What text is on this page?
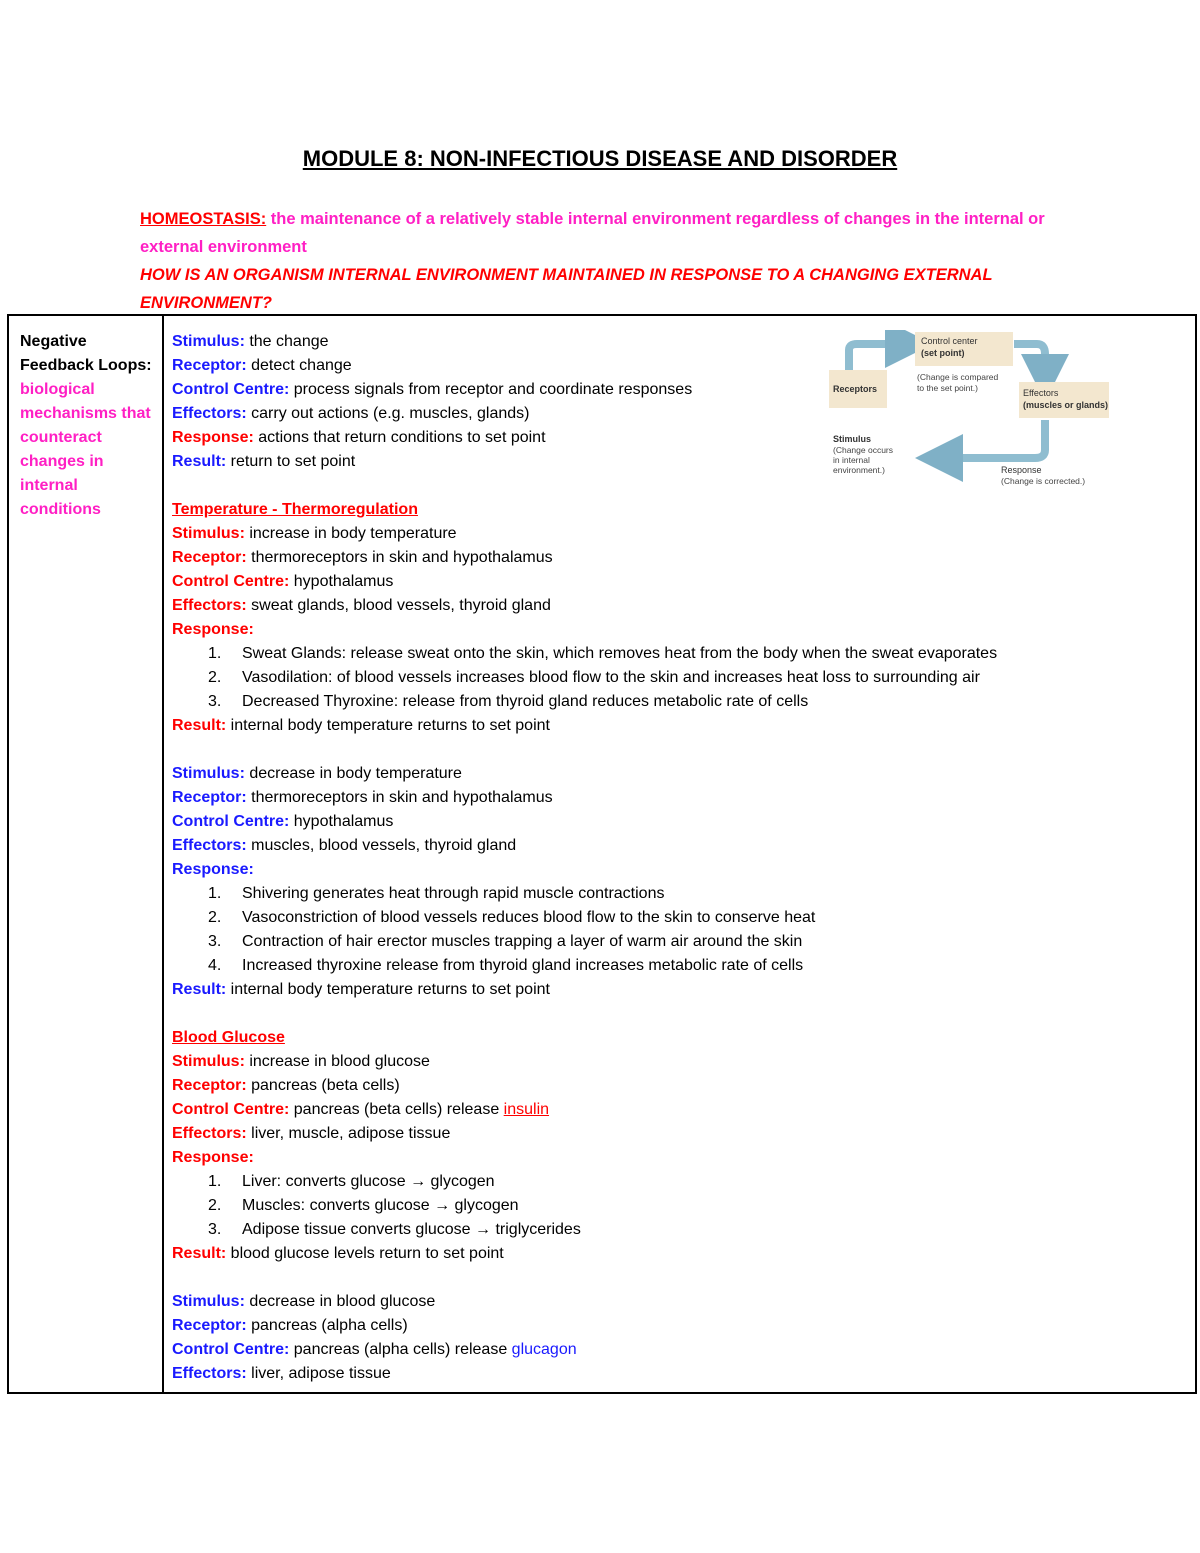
MODULE 8: NON-INFECTIOUS DISEASE AND DISORDER
HOMEOSTASIS: the maintenance of a relatively stable internal environment regardless of changes in the internal or external environment
HOW IS AN ORGANISM INTERNAL ENVIRONMENT MAINTAINED IN RESPONSE TO A CHANGING EXTERNAL ENVIRONMENT?
Negative Feedback Loops:
biological mechanisms that counteract changes in internal conditions
Control center
(set point)
(Change is compared
to the set point.)
Receptors	Effectors
(muscles or glands)
Stimulus
(Change occurs
in internal
environment.)	Response
(Change is corrected.)
Stimulus: the change
Receptor: detect change
Control Centre: process signals from receptor and coordinate responses
Effectors: carry out actions (e.g. muscles, glands)
Response: actions that return conditions to set point
Result: return to set point
Temperature - Thermoregulation
Stimulus: increase in body temperature
Receptor: thermoreceptors in skin and hypothalamus
Control Centre: hypothalamus
Effectors: sweat glands, blood vessels, thyroid gland
Response:
1.	Sweat Glands: release sweat onto the skin, which removes heat from the body when the sweat evaporates
2.	Vasodilation: of blood vessels increases blood flow to the skin and increases heat loss to surrounding air
3.	Decreased Thyroxine: release from thyroid gland reduces metabolic rate of cells
Result: internal body temperature returns to set point
Stimulus: decrease in body temperature
Receptor: thermoreceptors in skin and hypothalamus
Control Centre: hypothalamus
Effectors: muscles, blood vessels, thyroid gland
Response:
1.	Shivering generates heat through rapid muscle contractions
2.	Vasoconstriction of blood vessels reduces blood flow to the skin to conserve heat
3.	Contraction of hair erector muscles trapping a layer of warm air around the skin
4.	Increased thyroxine release from thyroid gland increases metabolic rate of cells
Result: internal body temperature returns to set point
Blood Glucose
Stimulus: increase in blood glucose
Receptor: pancreas (beta cells)
Control Centre: pancreas (beta cells) release insulin
Effectors: liver, muscle, adipose tissue
Response:
1.	Liver: converts glucose → glycogen
2.	Muscles: converts glucose → glycogen
3.	Adipose tissue converts glucose → triglycerides
Result: blood glucose levels return to set point
Stimulus: decrease in blood glucose
Receptor: pancreas (alpha cells)
Control Centre: pancreas (alpha cells) release glucagon
Effectors: liver, adipose tissue
